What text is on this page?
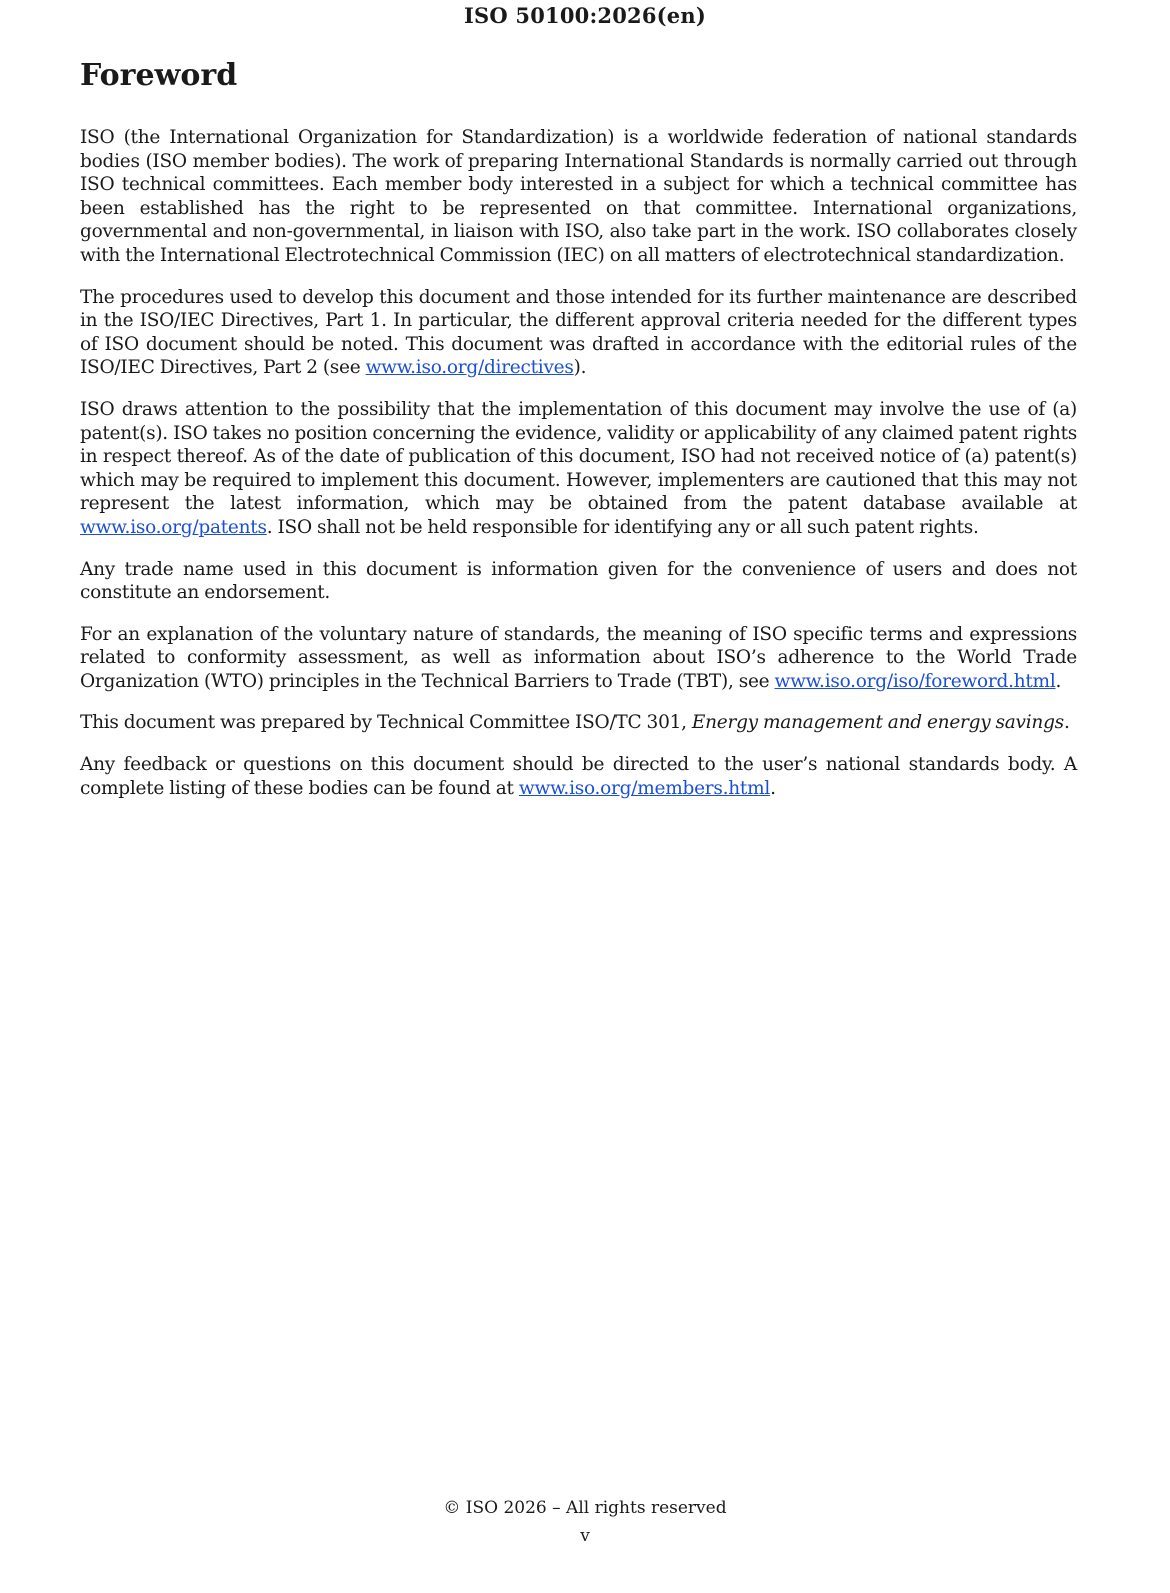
ISO 50100:2026(en)
Foreword

ISO (the International Organization for Standardization) is a worldwide federation of national standards bodies (ISO member bodies). The work of preparing International Standards is normally carried out through ISO technical committees. Each member body interested in a subject for which a technical committee has been established has the right to be represented on that committee. International organizations, governmental and non-governmental, in liaison with ISO, also take part in the work. ISO collaborates closely with the International Electrotechnical Commission (IEC) on all matters of electrotechnical standardization.

The procedures used to develop this document and those intended for its further maintenance are described in the ISO/IEC Directives, Part 1. In particular, the different approval criteria needed for the different types of ISO document should be noted. This document was drafted in accordance with the editorial rules of the ISO/IEC Directives, Part 2 (see www.iso.org/directives).

ISO draws attention to the possibility that the implementation of this document may involve the use of (a) patent(s). ISO takes no position concerning the evidence, validity or applicability of any claimed patent rights in respect thereof. As of the date of publication of this document, ISO had not received notice of (a) patent(s) which may be required to implement this document. However, implementers are cautioned that this may not represent the latest information, which may be obtained from the patent database available at www.iso.org/patents. ISO shall not be held responsible for identifying any or all such patent rights.

Any trade name used in this document is information given for the convenience of users and does not constitute an endorsement.

For an explanation of the voluntary nature of standards, the meaning of ISO specific terms and expressions related to conformity assessment, as well as information about ISO’s adherence to the World Trade Organization (WTO) principles in the Technical Barriers to Trade (TBT), see www.iso.org/iso/foreword.html.

This document was prepared by Technical Committee ISO/TC 301, Energy management and energy savings.

Any feedback or questions on this document should be directed to the user’s national standards body. A complete listing of these bodies can be found at www.iso.org/members.html.

© ISO 2026 – All rights reserved
v
